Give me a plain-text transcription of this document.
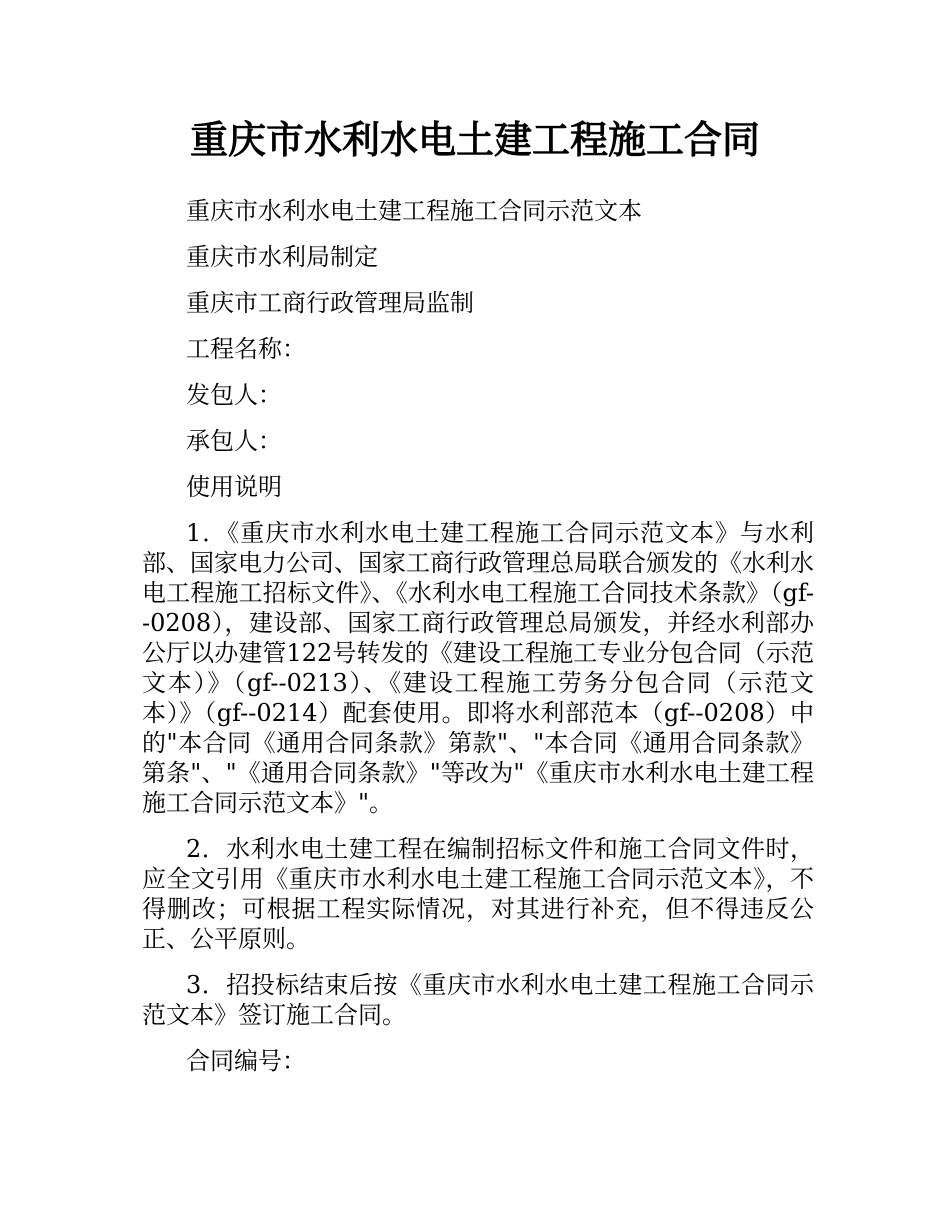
重庆市水利水电土建工程施工合同
重庆市水利水电土建工程施工合同示范文本
重庆市水利局制定
重庆市工商行政管理局监制
工程名称：
发包人：
承包人：
使用说明

1．《重庆市水利水电土建工程施工合同示范文本》与水利部、国家电力公司、国家工商行政管理总局联合颁发的《水利水电工程施工招标文件》、《水利水电工程施工合同技术条款》（gf--0208），建设部、国家工商行政管理总局颁发，并经水利部办公厅以办建管122号转发的《建设工程施工专业分包合同（示范文本）》（gf--0213）、《建设工程施工劳务分包合同（示范文本）》（gf--0214）配套使用。即将水利部范本（gf--0208）中的"本合同《通用合同条款》第款"、"本合同《通用合同条款》第条"、"《通用合同条款》"等改为"《重庆市水利水电土建工程施工合同示范文本》"。

2．水利水电土建工程在编制招标文件和施工合同文件时，应全文引用《重庆市水利水电土建工程施工合同示范文本》，不得删改；可根据工程实际情况，对其进行补充，但不得违反公正、公平原则。

3．招投标结束后按《重庆市水利水电土建工程施工合同示范文本》签订施工合同。

合同编号：
